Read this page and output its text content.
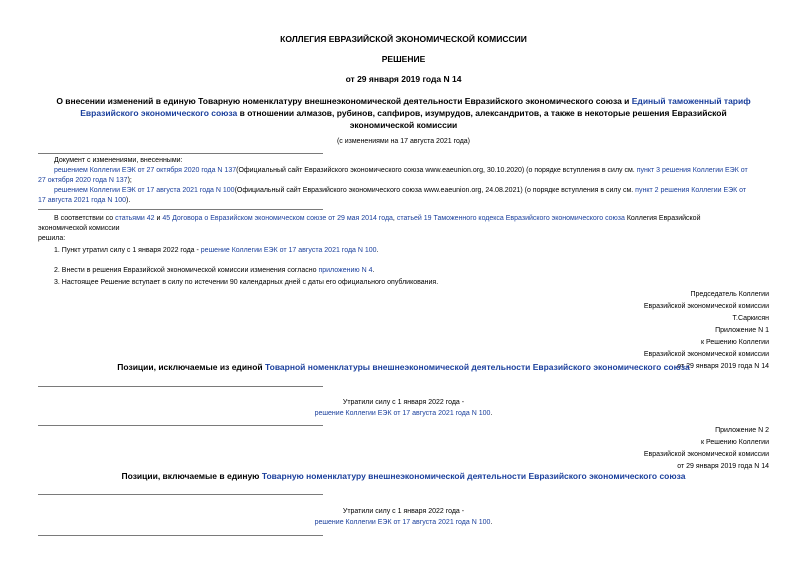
КОЛЛЕГИЯ ЕВРАЗИЙСКОЙ ЭКОНОМИЧЕСКОЙ КОМИССИИ
РЕШЕНИЕ
от 29 января 2019 года N 14
О внесении изменений в единую Товарную номенклатуру внешнеэкономической деятельности Евразийского экономического союза и Единый таможенный тариф
Евразийского экономического союза в отношении алмазов, рубинов, сапфиров, изумрудов, александритов, а также в некоторые решения Евразийской
экономической комиссии
(с изменениями на 17 августа 2021 года)
Документ с изменениями, внесенными:
решением Коллегии ЕЭК от 27 октября 2020 года N 137(Официальный сайт Евразийского экономического союза www.eaeunion.org, 30.10.2020) (о порядке вступления в силу см. пункт 3 решения Коллегии ЕЭК от
27 октября 2020 года N 137);
решением Коллегии ЕЭК от 17 августа 2021 года N 100(Официальный сайт Евразийского экономического союза www.eaeunion.org, 24.08.2021) (о порядке вступления в силу см. пункт 2 решения Коллегии ЕЭК от
17 августа 2021 года N 100).
В соответствии со статьями 42 и 45 Договора о Евразийском экономическом союзе от 29 мая 2014 года, статьей 19 Таможенного кодекса Евразийского экономического союза Коллегия Евразийской
экономической комиссии
решила:
1. Пункт утратил силу с 1 января 2022 года - решение Коллегии ЕЭК от 17 августа 2021 года N 100.
2. Внести в решения Евразийской экономической комиссии изменения согласно приложению N 4.
3. Настоящее Решение вступает в силу по истечении 90 календарных дней с даты его официального опубликования.
Председатель Коллегии
Евразийской экономической комиссии
Т.Саркисян
Приложение N 1
к Решению Коллегии
Евразийской экономической комиссии
от 29 января 2019 года N 14
Позиции, исключаемые из единой Товарной номенклатуры внешнеэкономической деятельности Евразийского экономического союза
Утратили силу с 1 января 2022 года -
решение Коллегии ЕЭК от 17 августа 2021 года N 100.
Приложение N 2
к Решению Коллегии
Евразийской экономической комиссии
от 29 января 2019 года N 14
Позиции, включаемые в единую Товарную номенклатуру внешнеэкономической деятельности Евразийского экономического союза
Утратили силу с 1 января 2022 года -
решение Коллегии ЕЭК от 17 августа 2021 года N 100.
